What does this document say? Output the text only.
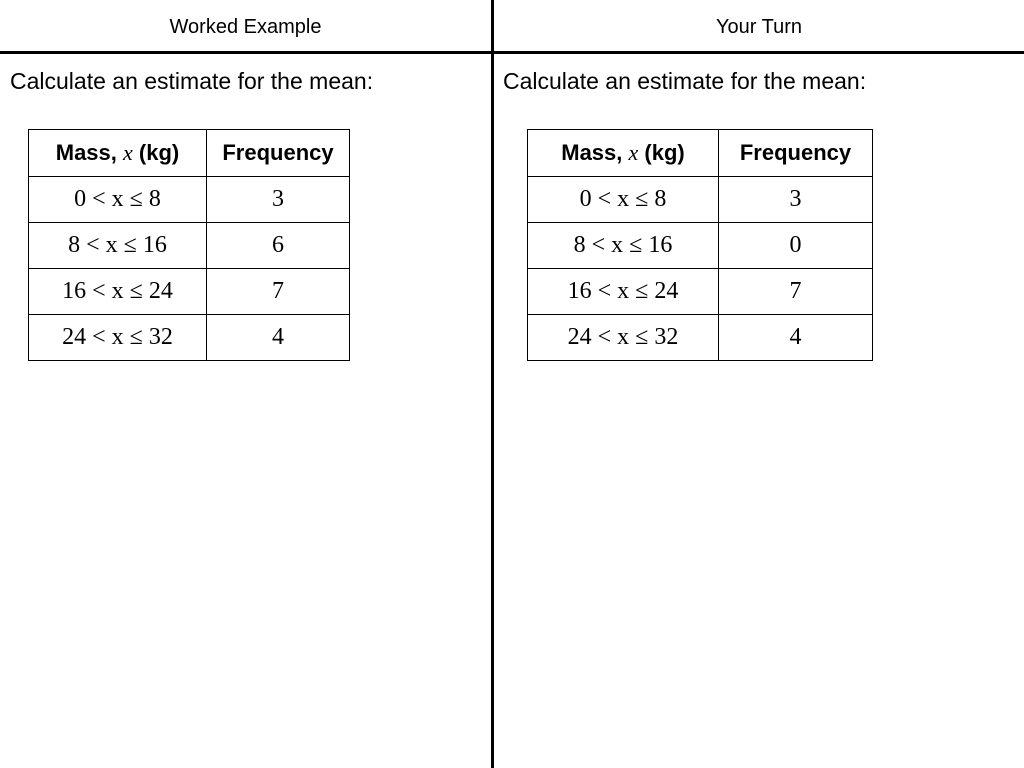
Worked Example
Calculate an estimate for the mean:
Mass, x (kg)	Frequency
0 < x ≤ 8	3
8 < x ≤ 16	6
16 < x ≤ 24	7
24 < x ≤ 32	4
Your Turn
Calculate an estimate for the mean:
Mass, x (kg)	Frequency
0 < x ≤ 8	3
8 < x ≤ 16	0
16 < x ≤ 24	7
24 < x ≤ 32	4
